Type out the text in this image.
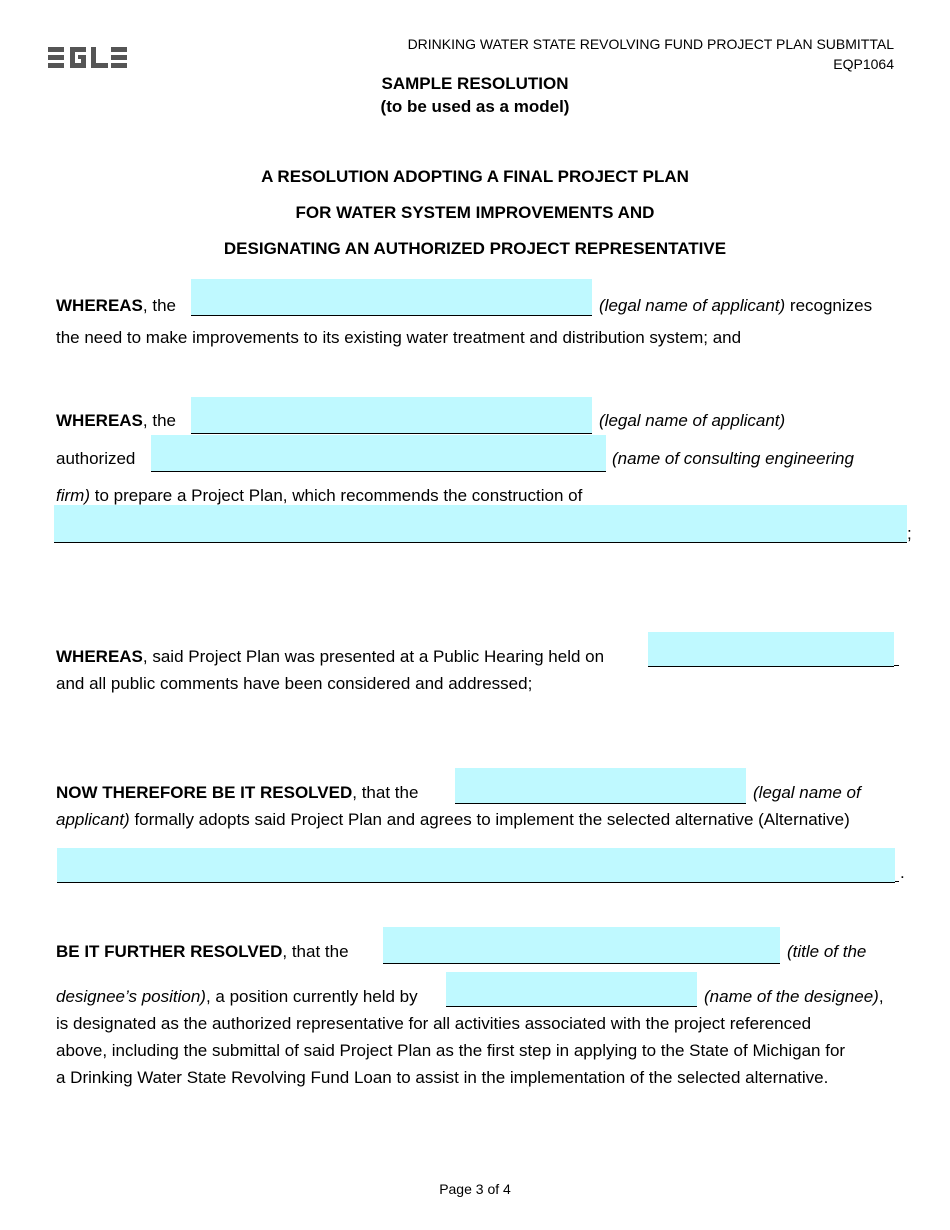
DRINKING WATER STATE REVOLVING FUND PROJECT PLAN SUBMITTAL
EQP1064
SAMPLE RESOLUTION
(to be used as a model)
A RESOLUTION ADOPTING A FINAL PROJECT PLAN
FOR WATER SYSTEM IMPROVEMENTS AND
DESIGNATING AN AUTHORIZED PROJECT REPRESENTATIVE
WHEREAS, the	(legal name of applicant) recognizes
the need to make improvements to its existing water treatment and distribution system; and
WHEREAS, the	(legal name of applicant)
authorized	(name of consulting engineering
firm) to prepare a Project Plan, which recommends the construction of
;
WHEREAS, said Project Plan was presented at a Public Hearing held on
and all public comments have been considered and addressed;
NOW THEREFORE BE IT RESOLVED, that the	(legal name of
applicant) formally adopts said Project Plan and agrees to implement the selected alternative (Alternative)
.
BE IT FURTHER RESOLVED, that the	(title of the
designee’s position), a position currently held by	(name of the designee),
is designated as the authorized representative for all activities associated with the project referenced
above, including the submittal of said Project Plan as the first step in applying to the State of Michigan for
a Drinking Water State Revolving Fund Loan to assist in the implementation of the selected alternative.
Page 3 of 4
